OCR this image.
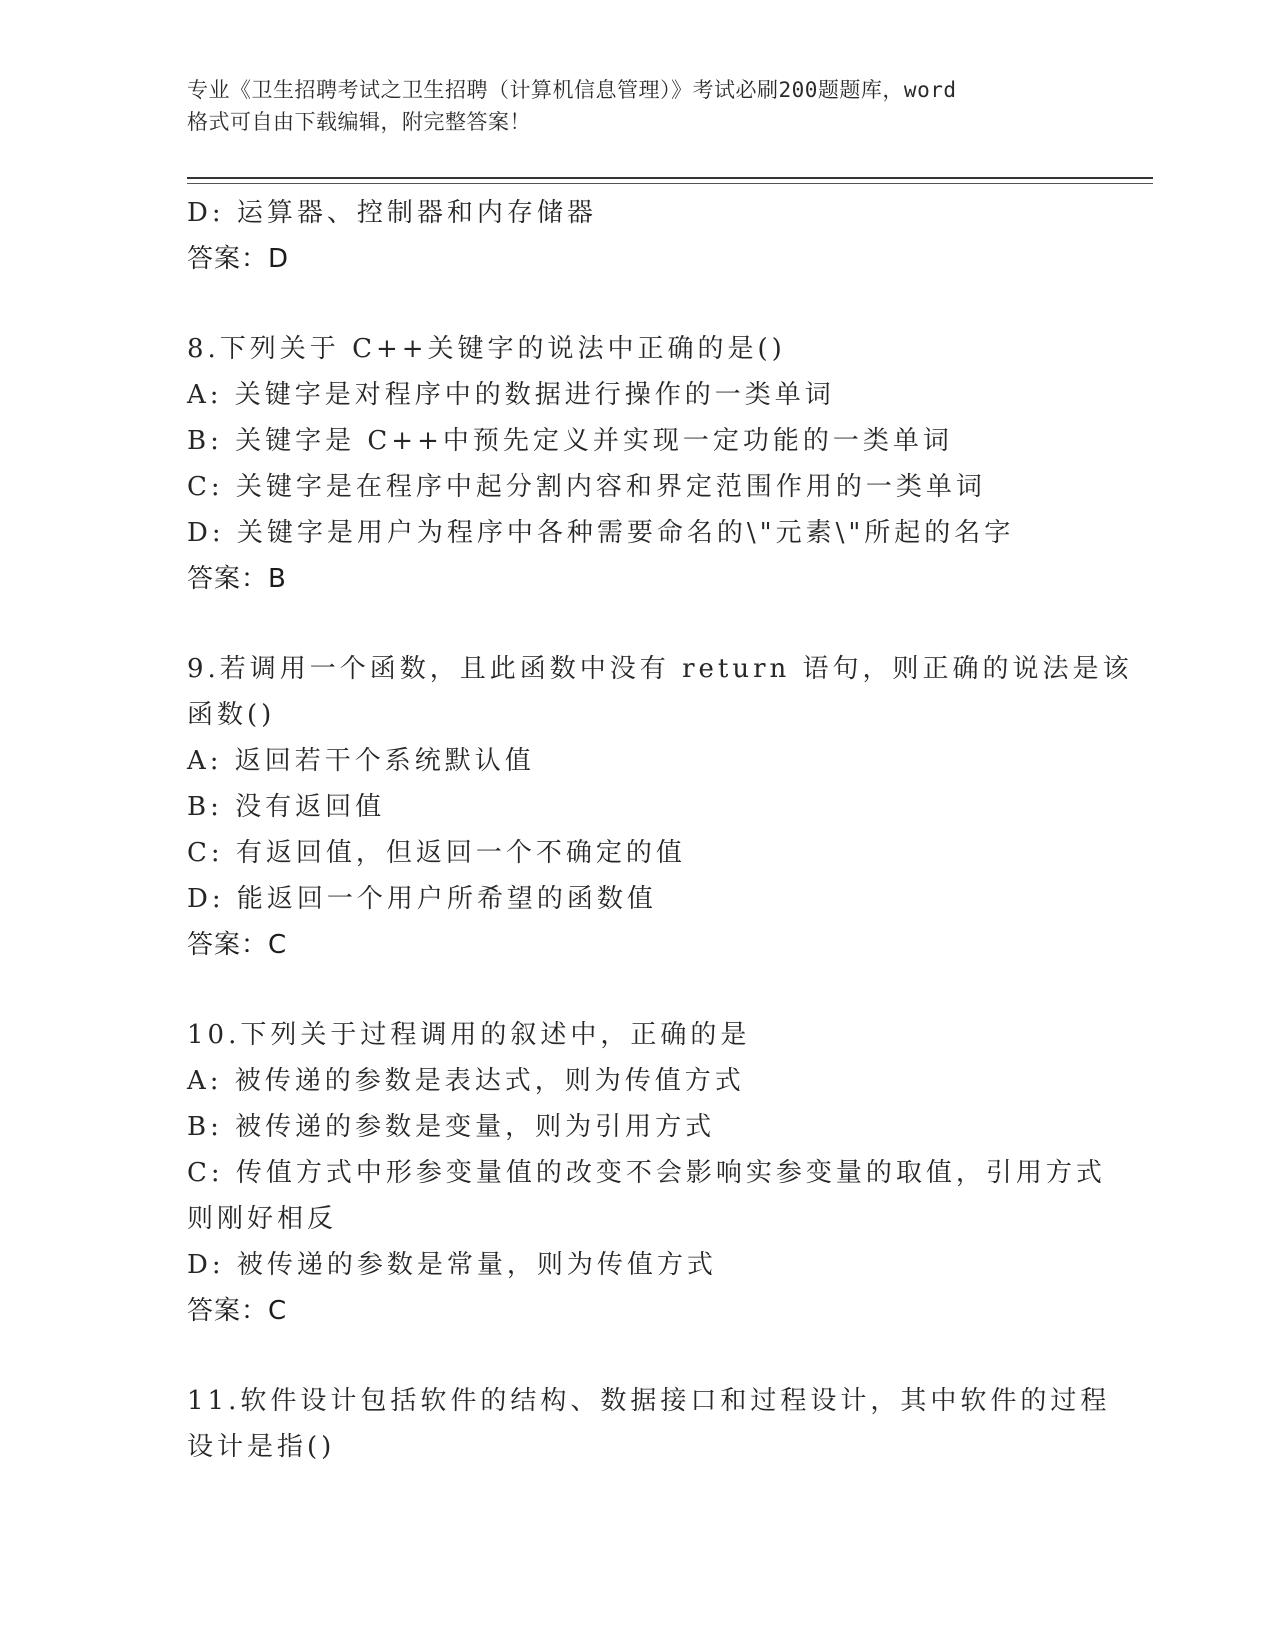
专业《卫生招聘考试之卫生招聘（计算机信息管理）》考试必刷200题题库，word
格式可自由下载编辑，附完整答案！
D: 运算器、控制器和内存储器
答案：D
8.下列关于 C++关键字的说法中正确的是()
A: 关键字是对程序中的数据进行操作的一类单词
B: 关键字是 C++中预先定义并实现一定功能的一类单词
C: 关键字是在程序中起分割内容和界定范围作用的一类单词
D: 关键字是用户为程序中各种需要命名的\"元素\"所起的名字
答案：B
9.若调用一个函数，且此函数中没有 return 语句，则正确的说法是该
函数()
A: 返回若干个系统默认值
B: 没有返回值
C: 有返回值，但返回一个不确定的值
D: 能返回一个用户所希望的函数值
答案：C
10.下列关于过程调用的叙述中，正确的是
A: 被传递的参数是表达式，则为传值方式
B: 被传递的参数是变量，则为引用方式
C: 传值方式中形参变量值的改变不会影响实参变量的取值，引用方式
则刚好相反
D: 被传递的参数是常量，则为传值方式
答案：C
11.软件设计包括软件的结构、数据接口和过程设计，其中软件的过程
设计是指()
